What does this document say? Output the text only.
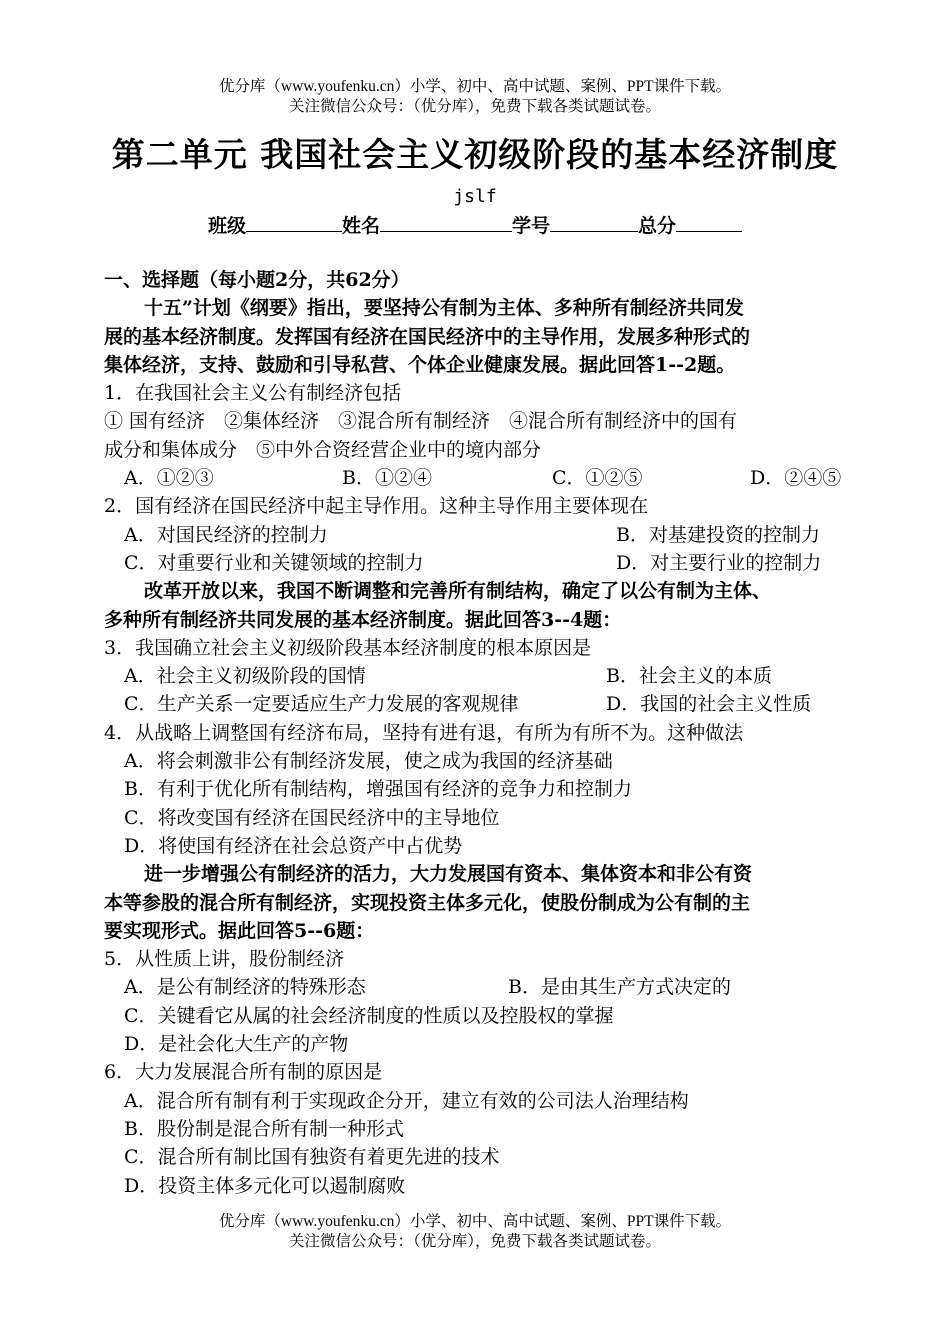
优分库（www.youfenku.cn）小学、初中、高中试题、案例、PPT课件下载。
关注微信公众号：（优分库），免费下载各类试题试卷。
第二单元 我国社会主义初级阶段的基本经济制度
jslf
班级	姓名	学号	总分
一、选择题（每小题2分，共62分）
十五”计划《纲要》指出，要坚持公有制为主体、多种所有制经济共同发
展的基本经济制度。发挥国有经济在国民经济中的主导作用，发展多种形式的
集体经济，支持、鼓励和引导私营、个体企业健康发展。据此回答1--2题。
1．在我国社会主义公有制经济包括
① 国有经济　②集体经济　③混合所有制经济　④混合所有制经济中的国有
成分和集体成分　⑤中外合资经营企业中的境内部分
A．①②③	B．①②④	C．①②⑤	D．②④⑤
2．国有经济在国民经济中起主导作用。这种主导作用主要体现在
A．对国民经济的控制力	B．对基建投资的控制力
C．对重要行业和关键领域的控制力	D．对主要行业的控制力
改革开放以来，我国不断调整和完善所有制结构，确定了以公有制为主体、
多种所有制经济共同发展的基本经济制度。据此回答3--4题：
3．我国确立社会主义初级阶段基本经济制度的根本原因是
A．社会主义初级阶段的国情	B．社会主义的本质
C．生产关系一定要适应生产力发展的客观规律	D．我国的社会主义性质
4．从战略上调整国有经济布局，坚持有进有退，有所为有所不为。这种做法
A．将会刺激非公有制经济发展，使之成为我国的经济基础
B．有利于优化所有制结构，增强国有经济的竞争力和控制力
C．将改变国有经济在国民经济中的主导地位
D．将使国有经济在社会总资产中占优势
进一步增强公有制经济的活力，大力发展国有资本、集体资本和非公有资
本等参股的混合所有制经济，实现投资主体多元化，使股份制成为公有制的主
要实现形式。据此回答5--6题：
5．从性质上讲，股份制经济
A．是公有制经济的特殊形态	B．是由其生产方式决定的
C．关键看它从属的社会经济制度的性质以及控股权的掌握
D．是社会化大生产的产物
6．大力发展混合所有制的原因是
A．混合所有制有利于实现政企分开，建立有效的公司法人治理结构
B．股份制是混合所有制一种形式
C．混合所有制比国有独资有着更先进的技术
D．投资主体多元化可以遏制腐败
优分库（www.youfenku.cn）小学、初中、高中试题、案例、PPT课件下载。
关注微信公众号：（优分库），免费下载各类试题试卷。
